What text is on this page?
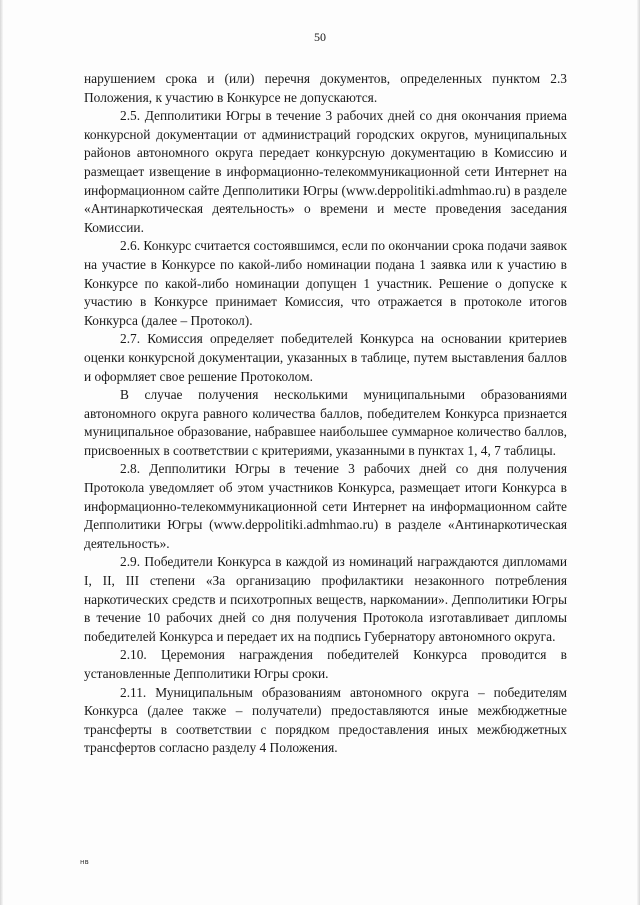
50

нарушением срока и (или) перечня документов, определенных пунктом 2.3 Положения, к участию в Конкурсе не допускаются.

2.5. Депполитики Югры в течение 3 рабочих дней со дня окончания приема конкурсной документации от администраций городских округов, муниципальных районов автономного округа передает конкурсную документацию в Комиссию и размещает извещение в информационно-телекоммуникационной сети Интернет на информационном сайте Депполитики Югры (www.deppolitiki.admhmao.ru) в разделе «Антинаркотическая деятельность» о времени и месте проведения заседания Комиссии.

2.6. Конкурс считается состоявшимся, если по окончании срока подачи заявок на участие в Конкурсе по какой-либо номинации подана 1 заявка или к участию в Конкурсе по какой-либо номинации допущен 1 участник. Решение о допуске к участию в Конкурсе принимает Комиссия, что отражается в протоколе итогов Конкурса (далее – Протокол).

2.7. Комиссия определяет победителей Конкурса на основании критериев оценки конкурсной документации, указанных в таблице, путем выставления баллов и оформляет свое решение Протоколом.

В случае получения несколькими муниципальными образованиями автономного округа равного количества баллов, победителем Конкурса признается муниципальное образование, набравшее наибольшее суммарное количество баллов, присвоенных в соответствии с критериями, указанными в пунктах 1, 4, 7 таблицы.

2.8. Депполитики Югры в течение 3 рабочих дней со дня получения Протокола уведомляет об этом участников Конкурса, размещает итоги Конкурса в информационно-телекоммуникационной сети Интернет на информационном сайте Депполитики Югры (www.deppolitiki.admhmao.ru) в разделе «Антинаркотическая деятельность».

2.9. Победители Конкурса в каждой из номинаций награждаются дипломами I, II, III степени «За организацию профилактики незаконного потребления наркотических средств и психотропных веществ, наркомании». Депполитики Югры в течение 10 рабочих дней со дня получения Протокола изготавливает дипломы победителей Конкурса и передает их на подпись Губернатору автономного округа.

2.10. Церемония награждения победителей Конкурса проводится в установленные Депполитики Югры сроки.

2.11. Муниципальным образованиям автономного округа – победителям Конкурса (далее также – получатели) предоставляются иные межбюджетные трансферты в соответствии с порядком предоставления иных межбюджетных трансфертов согласно разделу 4 Положения.

нв
